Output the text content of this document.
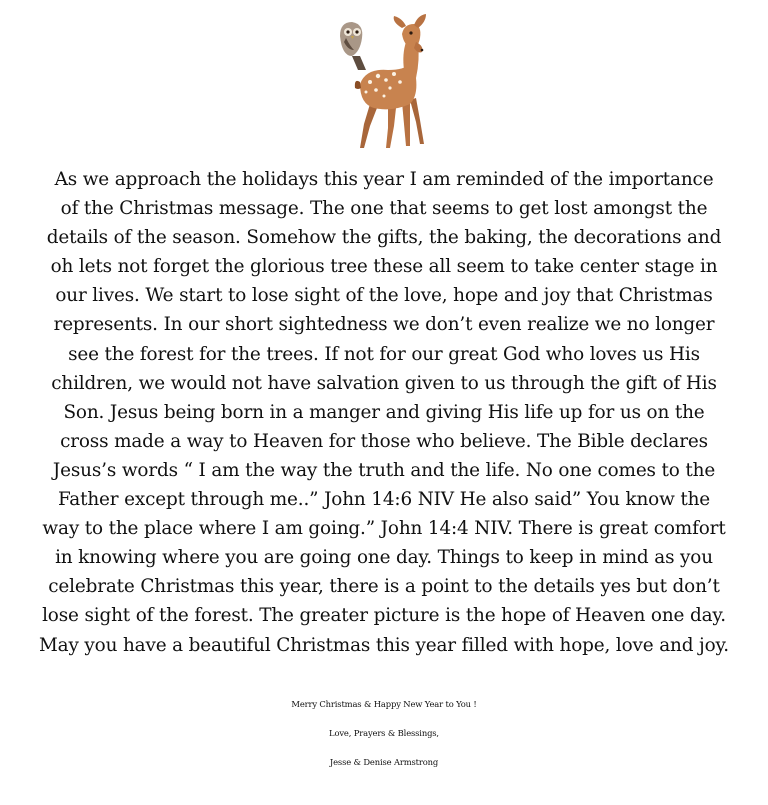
As we approach the holidays this year I am reminded of the importance
of the Christmas message. The one that seems to get lost amongst the
details of the season. Somehow the gifts, the baking, the decorations and
oh lets not forget the glorious tree these all seem to take center stage in
our lives. We start to lose sight of the love, hope and joy that Christmas
represents. In our short sightedness we don’t even realize we no longer
see the forest for the trees. If not for our great God who loves us His
children, we would not have salvation given to us through the gift of His
Son. Jesus being born in a manger and giving His life up for us on the
cross made a way to Heaven for those who believe. The Bible declares
Jesus’s words “ I am the way the truth and the life. No one comes to the
Father except through me..” John 14:6 NIV He also said” You know the
way to the place where I am going.” John 14:4 NIV. There is great comfort
in knowing where you are going one day. Things to keep in mind as you
celebrate Christmas this year, there is a point to the details yes but don’t
lose sight of the forest. The greater picture is the hope of Heaven one day.
May you have a beautiful Christmas this year filled with hope, love and joy.
Merry Christmas & Happy New Year to You !
Love, Prayers & Blessings,
Jesse & Denise Armstrong
